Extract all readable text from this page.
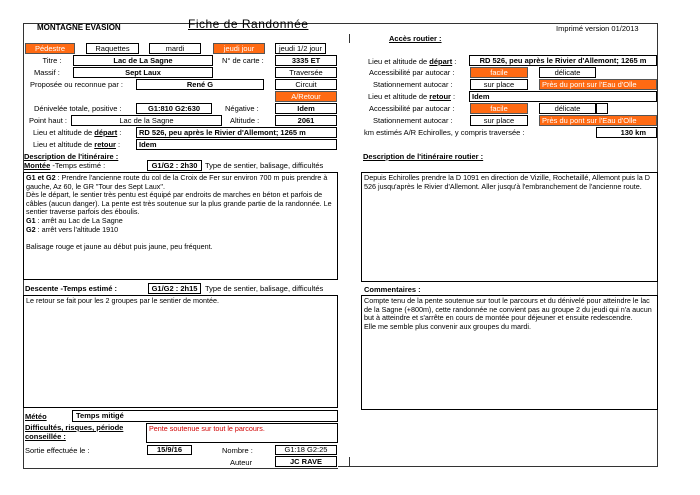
MONTAGNE EVASION	Fiche de Randonnée
Pédestre	Raquettes	mardi	jeudi jour	jeudi 1/2 jour
Titre :	Lac de La Sagne	N° de carte :	3335 ET
Massif :	Sept Laux	Traversée
Proposée ou reconnue par :	René G	Circuit
A/Retour
Dénivelée totale, positive :	G1:810 G2:630	Négative :	Idem
Point haut :	Lac de la Sagne	Altitude :	2061
Lieu et altitude de départ :	RD 526, peu après le Rivier d'Allemont; 1265 m
Lieu et altitude de retour :	Idem
Description de l'itinéraire :
Montée -Temps estimé :	G1/G2 : 2h30	Type de sentier, balisage, difficultés
G1 et G2 : Prendre l'ancienne route du col de la Croix de Fer sur environ 700 m puis prendre à gauche, Az 60, le GR "Tour des Sept Laux".
Dès le départ, le sentier très pentu est équipé par endroits de marches en béton et parfois de câbles (aucun danger). La pente est très soutenue sur la plus grande partie de la randonnée. Le sentier traverse parfois des éboulis.
G1 : arrêt au Lac de La Sagne
G2 : arrêt vers l'altitude 1910
Balisage rouge et jaune au début puis jaune, peu fréquent.
Descente -Temps estimé :	G1/G2 : 2h15	Type de sentier, balisage, difficultés
Le retour se fait pour les 2 groupes par le sentier de montée.
Météo	Temps mitigé
Difficultés, risques, période conseillée :
Pente soutenue sur tout le parcours.
Sortie effectuée le :	15/9/16	Nombre :	G1:18 G2:25
Auteur	JC RAVE
Imprimé version 01/2013
Accès routier :
Lieu et altitude de départ :	RD 526, peu après le Rivier d'Allemont; 1265 m
Accessibilité par autocar :	facile	délicate
Stationnement autocar :	sur place	Près du pont sur l'Eau d'Olle
Lieu et altitude de retour :	Idem
Accessibilité par autocar :	facile	délicate
Stationnement autocar :	sur place	Près du pont sur l'Eau d'Olle
km estimés A/R Echirolles, y compris traversée :	130 km
Description de l'itinéraire routier :
Depuis Echirolles prendre la D 1091 en direction de Vizille, Rochetaillé, Allemont puis la D 526 jusqu'après le Rivier d'Allemont. Aller jusqu'à l'embranchement de l'ancienne route.
Commentaires :
Compte tenu de la pente soutenue sur tout le parcours et du dénivelé pour atteindre le lac de la Sagne (+800m), cette randonnée ne convient pas au groupe 2 du jeudi qui n'a aucun but à atteindre et s'arrête en cours de montée pour déjeuner et ensuite redescendre.
Elle me semble plus convenir aux groupes du mardi.
